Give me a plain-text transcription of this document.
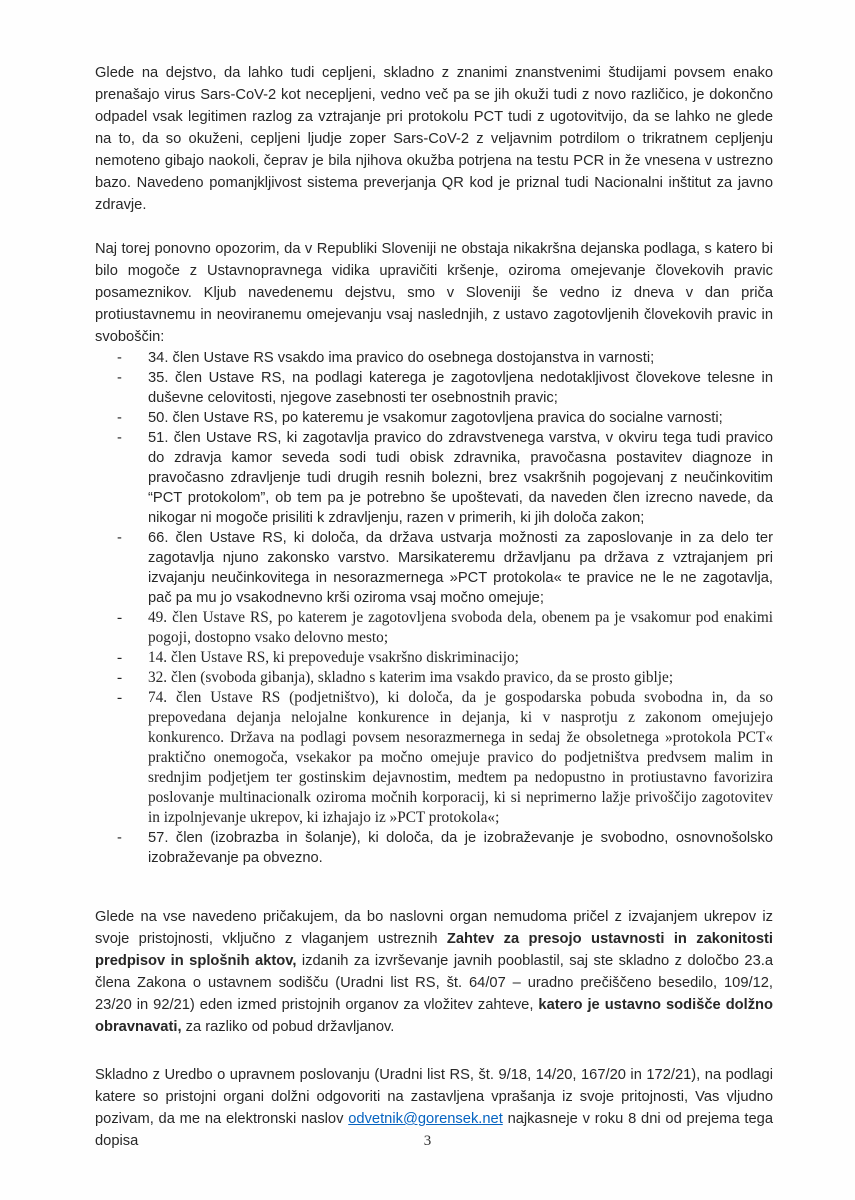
Glede na dejstvo, da lahko tudi cepljeni, skladno z znanimi znanstvenimi študijami povsem enako prenašajo virus Sars-CoV-2 kot necepljeni, vedno več pa se jih okuži tudi z novo različico, je dokončno odpadel vsak legitimen razlog za vztrajanje pri protokolu PCT tudi z ugotovitvijo, da se lahko ne glede na to, da so okuženi, cepljeni ljudje zoper Sars-CoV-2 z veljavnim potrdilom o trikratnem cepljenju nemoteno gibajo naokoli, čeprav je bila njihova okužba potrjena na testu PCR in že vnesena v ustrezno bazo. Navedeno pomanjkljivost sistema preverjanja QR kod je priznal tudi Nacionalni inštitut za javno zdravje.

Naj torej ponovno opozorim, da v Republiki Sloveniji ne obstaja nikakršna dejanska podlaga, s katero bi bilo mogoče z Ustavnopravnega vidika upravičiti kršenje, oziroma omejevanje človekovih pravic posameznikov. Kljub navedenemu dejstvu, smo v Sloveniji še vedno iz dneva v dan priča protiustavnemu in neoviranemu omejevanju vsaj naslednjih, z ustavo zagotovljenih človekovih pravic in svoboščin:

- 34. člen Ustave RS vsakdo ima pravico do osebnega dostojanstva in varnosti;
- 35. člen Ustave RS, na podlagi katerega je zagotovljena nedotakljivost človekove telesne in duševne celovitosti, njegove zasebnosti ter osebnostnih pravic;
- 50. člen Ustave RS, po kateremu je vsakomur zagotovljena pravica do socialne varnosti;
- 51. člen Ustave RS, ki zagotavlja pravico do zdravstvenega varstva, v okviru tega tudi pravico do zdravja kamor seveda sodi tudi obisk zdravnika, pravočasna postavitev diagnoze in pravočasno zdravljenje tudi drugih resnih bolezni, brez vsakršnih pogojevanj z neučinkovitim “PCT protokolom”, ob tem pa je potrebno še upoštevati, da naveden člen izrecno navede, da nikogar ni mogoče prisiliti k zdravljenju, razen v primerih, ki jih določa zakon;
- 66. člen Ustave RS, ki določa, da država ustvarja možnosti za zaposlovanje in za delo ter zagotavlja njuno zakonsko varstvo. Marsikateremu državljanu pa država z vztrajanjem pri izvajanju neučinkovitega in nesorazmernega »PCT protokola« te pravice ne le ne zagotavlja, pač pa mu jo vsakodnevno krši oziroma vsaj močno omejuje;
- 49. člen Ustave RS, po katerem je zagotovljena svoboda dela, obenem pa je vsakomur pod enakimi pogoji, dostopno vsako delovno mesto;
- 14. člen Ustave RS, ki prepoveduje vsakršno diskriminacijo;
- 32. člen (svoboda gibanja), skladno s katerim ima vsakdo pravico, da se prosto giblje;
- 74. člen Ustave RS (podjetništvo), ki določa, da je gospodarska pobuda svobodna in, da so prepovedana dejanja nelojalne konkurence in dejanja, ki v nasprotju z zakonom omejujejo konkurenco. Država na podlagi povsem nesorazmernega in sedaj že obsoletnega »protokola PCT« praktično onemogoča, vsekakor pa močno omejuje pravico do podjetništva predvsem malim in srednjim podjetjem ter gostinskim dejavnostim, medtem pa nedopustno in protiustavno favorizira poslovanje multinacionalk oziroma močnih korporacij, ki si neprimerno lažje privoščijo zagotovitev in izpolnjevanje ukrepov, ki izhajajo iz »PCT protokola«;
- 57. člen (izobrazba in šolanje), ki določa, da je izobraževanje je svobodno, osnovnošolsko izobraževanje pa obvezno.

Glede na vse navedeno pričakujem, da bo naslovni organ nemudoma pričel z izvajanjem ukrepov iz svoje pristojnosti, vključno z vlaganjem ustreznih Zahtev za presojo ustavnosti in zakonitosti predpisov in splošnih aktov, izdanih za izvrševanje javnih pooblastil, saj ste skladno z določbo 23.a člena Zakona o ustavnem sodišču (Uradni list RS, št. 64/07 – uradno prečiščeno besedilo, 109/12, 23/20 in 92/21) eden izmed pristojnih organov za vložitev zahteve, katero je ustavno sodišče dolžno obravnavati, za razliko od pobud državljanov.

Skladno z Uredbo o upravnem poslovanju (Uradni list RS, št. 9/18, 14/20, 167/20 in 172/21), na podlagi katere so pristojni organi dolžni odgovoriti na zastavljena vprašanja iz svoje pritojnosti, Vas vljudno pozivam, da me na elektronski naslov odvetnik@gorensek.net najkasneje v roku 8 dni od prejema tega dopisa	3
